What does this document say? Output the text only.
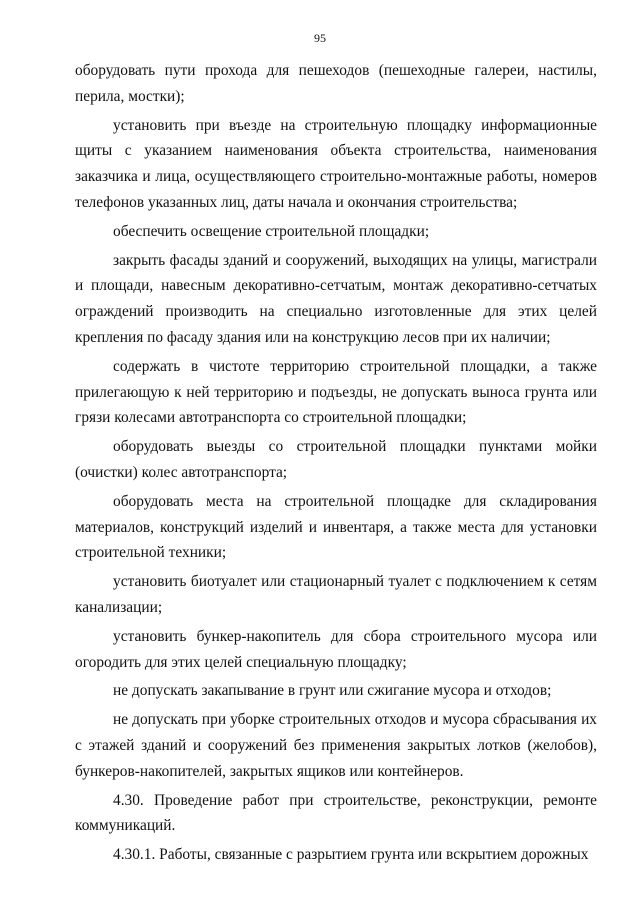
95

оборудовать пути прохода для пешеходов (пешеходные галереи, настилы, перила, мостки);

установить при въезде на строительную площадку информационные щиты с указанием наименования объекта строительства, наименования заказчика и лица, осуществляющего строительно-монтажные работы, номеров телефонов указанных лиц, даты начала и окончания строительства;

обеспечить освещение строительной площадки;

закрыть фасады зданий и сооружений, выходящих на улицы, магистрали и площади, навесным декоративно-сетчатым, монтаж декоративно-сетчатых ограждений производить на специально изготовленные для этих целей крепления по фасаду здания или на конструкцию лесов при их наличии;

содержать в чистоте территорию строительной площадки, а также прилегающую к ней территорию и подъезды, не допускать выноса грунта или грязи колесами автотранспорта со строительной площадки;

оборудовать выезды со строительной площадки пунктами мойки (очистки) колес автотранспорта;

оборудовать места на строительной площадке для складирования материалов, конструкций изделий и инвентаря, а также места для установки строительной техники;

установить биотуалет или стационарный туалет с подключением к сетям канализации;

установить бункер-накопитель для сбора строительного мусора или огородить для этих целей специальную площадку;

не допускать закапывание в грунт или сжигание мусора и отходов;

не допускать при уборке строительных отходов и мусора сбрасывания их с этажей зданий и сооружений без применения закрытых лотков (желобов), бункеров-накопителей, закрытых ящиков или контейнеров.

4.30. Проведение работ при строительстве, реконструкции, ремонте коммуникаций.

4.30.1. Работы, связанные с разрытием грунта или вскрытием дорожных
